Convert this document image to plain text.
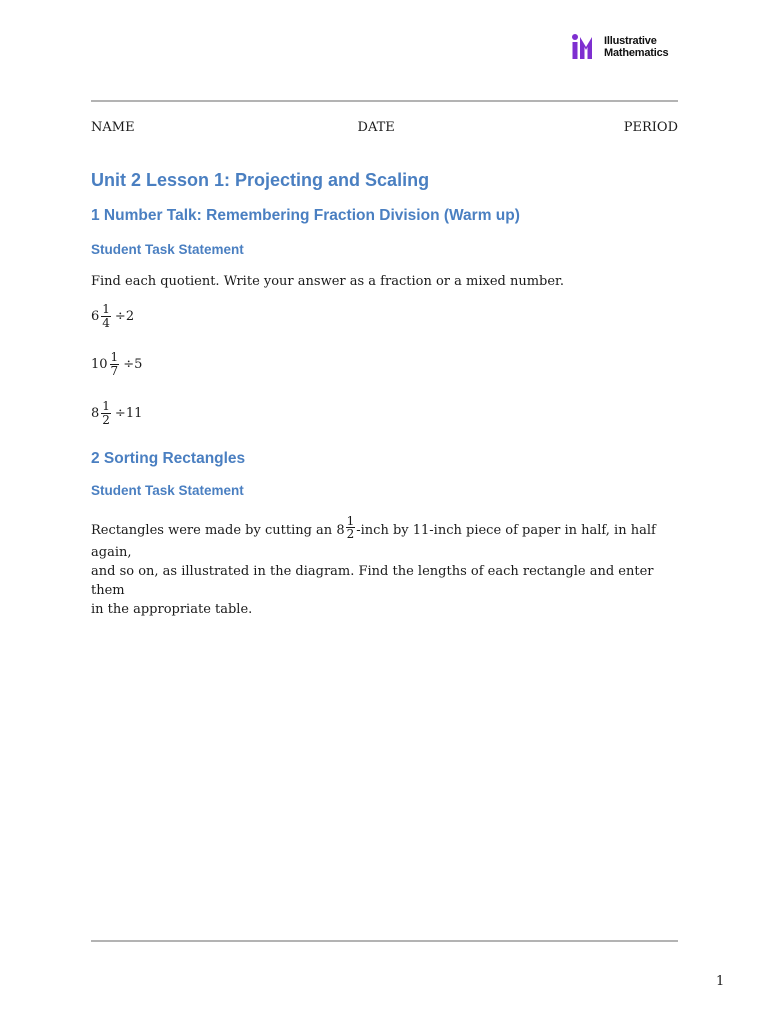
Illustrative
Mathematics
NAME	DATE	PERIOD
Unit 2 Lesson 1: Projecting and Scaling
1 Number Talk: Remembering Fraction Division (Warm up)
Student Task Statement
Find each quotient. Write your answer as a fraction or a mixed number.
$6 \frac{1}{4} \div 2$
$10 \frac{1}{7} \div 5$
$8 \frac{1}{2} \div 11$
2 Sorting Rectangles
Student Task Statement
Rectangles were made by cutting an $8 \frac{1}{2}$ -inch by 11-inch piece of paper in half, in half again,
and so on, as illustrated in the diagram. Find the lengths of each rectangle and enter them
in the appropriate table.
1
